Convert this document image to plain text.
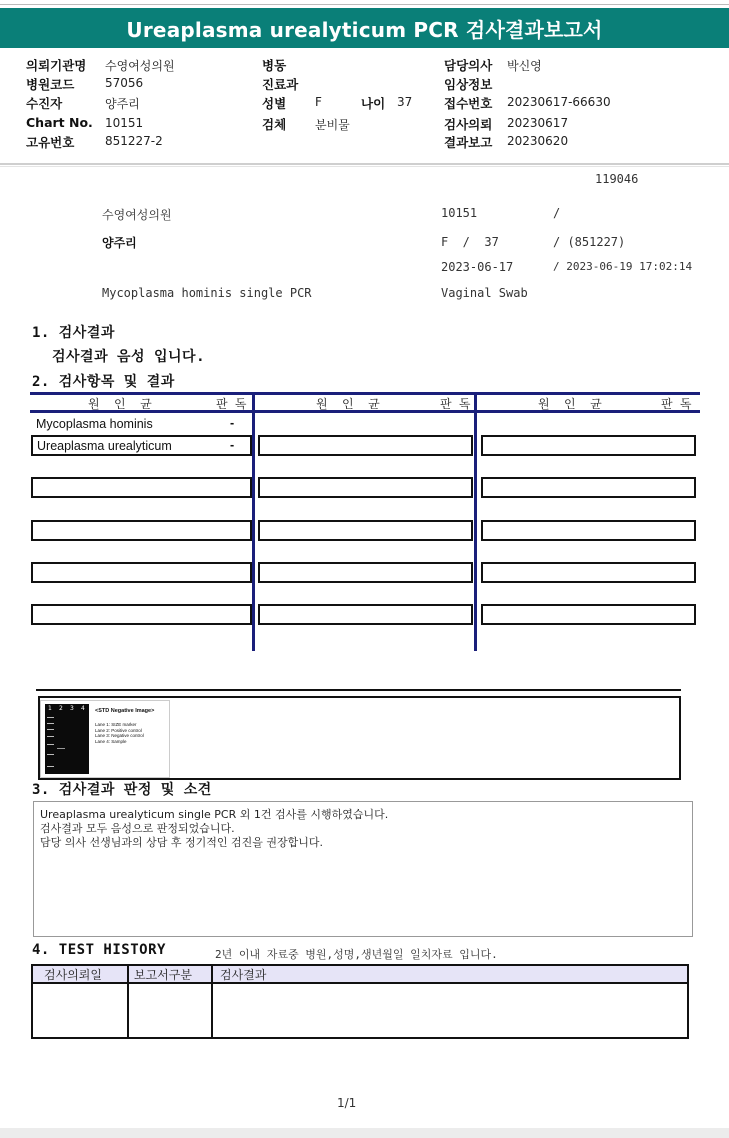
Ureaplasma urealyticum PCR 검사결과보고서
의뢰기관명 수영여성의원
병원코드	57056
수진자	양주리
Chart No. 10151
고유번호	851227-2
병동
진료과
성별 F	나이 37
검체 분비물
담당의사 박신영
임상정보
접수번호 20230617-66630
검사의뢰 20230617
결과보고 20230620
119046
수영여성의원	10151	/
양주리	F  /  37	/ (851227)
2023-06-17	/ 2023-06-19 17:02:14
Mycoplasma hominis single PCR	Vaginal Swab
1. 검사결과
검사결과 음성 입니다.
2. 검사항목 및 결과
원  인  균	판 독	원  인  균	판 독	원  인  균	판 독
Mycoplasma hominis	-
Ureaplasma urealyticum	-
1 2 3 4 <STD Negative Image>
Lane 1: SIZE marker
Lane 2: Positive control
Lane 3: Negative control
Lane 4: Sample
3. 검사결과 판정 및 소견
Ureaplasma urealyticum single PCR 외 1건 검사를 시행하였습니다.
검사결과 모두 음성으로 판정되었습니다.
담당 의사 선생님과의 상담 후 정기적인 검진을 권장합니다.
4. TEST HISTORY	2년 이내 자료중 병원,성명,생년월일 일치자료 입니다.
검사의뢰일	보고서구분 검사결과
1/1
